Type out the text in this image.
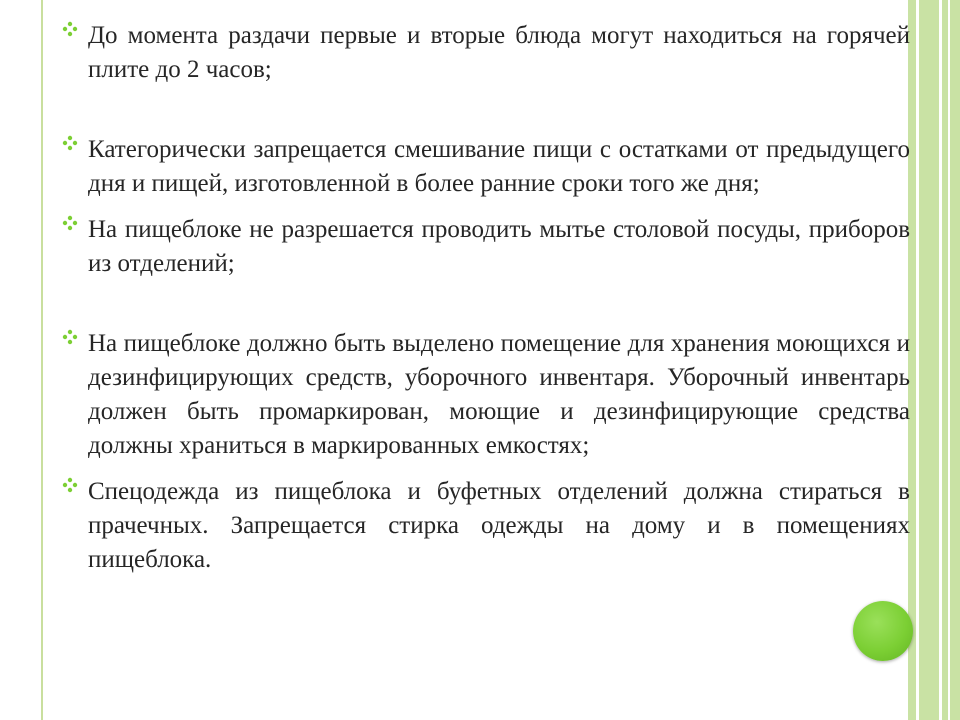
До момента раздачи первые и вторые блюда могут находиться на горячей плите до 2 часов;
Категорически запрещается смешивание пищи с остатками от предыдущего дня и пищей, изготовленной в более ранние сроки того же дня;
На пищеблоке не разрешается проводить мытье столовой посуды, приборов из отделений;
На пищеблоке должно быть выделено помещение для хранения моющихся и дезинфицирующих средств, уборочного инвентаря. Уборочный инвентарь должен быть промаркирован, моющие и дезинфицирующие средства должны храниться в маркированных емкостях;
Спецодежда из пищеблока и буфетных отделений должна стираться в прачечных. Запрещается стирка одежды на дому и в помещениях пищеблока.
